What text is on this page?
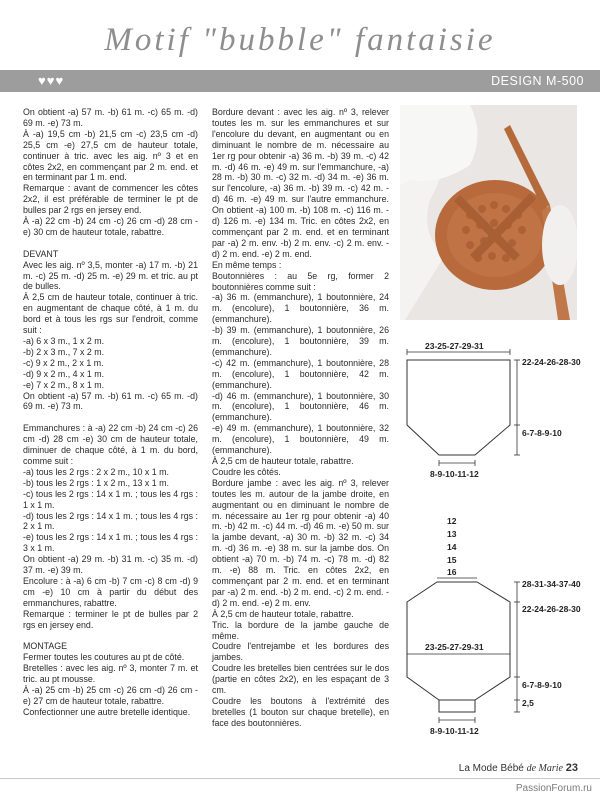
Motif "bubble" fantaisie
♥♥♥	DESIGN M-500

On obtient -a) 57 m. -b) 61 m. -c) 65 m. -d) 69 m. -e) 73 m.

À -a) 19,5 cm -b) 21,5 cm -c) 23,5 cm -d) 25,5 cm -e) 27,5 cm de hauteur totale, continuer à tric. avec les aig. nº 3 et en côtes 2x2, en commençant par 2 m. end. et en terminant par 1 m. end.

Remarque : avant de commencer les côtes 2x2, il est préférable de terminer le pt de bulles par 2 rgs en jersey end.

À -a) 22 cm -b) 24 cm -c) 26 cm -d) 28 cm -e) 30 cm de hauteur totale, rabattre.

DEVANT

Avec les aig. nº 3,5, monter -a) 17 m. -b) 21 m. -c) 25 m. -d) 25 m. -e) 29 m. et tric. au pt de bulles.

À 2,5 cm de hauteur totale, continuer à tric. en augmentant de chaque côté, à 1 m. du bord et à tous les rgs sur l'endroit, comme suit :

-a) 6 x 3 m., 1 x 2 m.

-b) 2 x 3 m., 7 x 2 m.

-c) 9 x 2 m., 2 x 1 m.

-d) 9 x 2 m., 4 x 1 m.

-e) 7 x 2 m., 8 x 1 m.

On obtient -a) 57 m. -b) 61 m. -c) 65 m. -d) 69 m. -e) 73 m.

Emmanchures : à -a) 22 cm -b) 24 cm -c) 26 cm -d) 28 cm -e) 30 cm de hauteur totale, diminuer de chaque côté, à 1 m. du bord, comme suit :

-a) tous les 2 rgs : 2 x 2 m., 10 x 1 m.

-b) tous les 2 rgs : 1 x 2 m., 13 x 1 m.

-c) tous les 2 rgs : 14 x 1 m. ; tous les 4 rgs : 1 x 1 m.

-d) tous les 2 rgs : 14 x 1 m. ; tous les 4 rgs : 2 x 1 m.

-e) tous les 2 rgs : 14 x 1 m. ; tous les 4 rgs : 3 x 1 m.

On obtient -a) 29 m. -b) 31 m. -c) 35 m. -d) 37 m. -e) 39 m.

Encolure : à -a) 6 cm -b) 7 cm -c) 8 cm -d) 9 cm -e) 10 cm à partir du début des emmanchures, rabattre.

Remarque : terminer le pt de bulles par 2 rgs en jersey end.

MONTAGE

Fermer toutes les coutures au pt de côté.

Bretelles : avec les aig. nº 3, monter 7 m. et tric. au pt mousse.

À -a) 25 cm -b) 25 cm -c) 26 cm -d) 26 cm -e) 27 cm de hauteur totale, rabattre.

Confectionner une autre bretelle identique.

Bordure devant : avec les aig. nº 3, relever toutes les m. sur les emmanchures et sur l'encolure du devant, en augmentant ou en diminuant le nombre de m. nécessaire au 1er rg pour obtenir -a) 36 m. -b) 39 m. -c) 42 m. -d) 46 m. -e) 49 m. sur l'emmanchure, -a) 28 m. -b) 30 m. -c) 32 m. -d) 34 m. -e) 36 m. sur l'encolure, -a) 36 m. -b) 39 m. -c) 42 m. -d) 46 m. -e) 49 m. sur l'autre emmanchure. On obtient -a) 100 m. -b) 108 m. -c) 116 m. -d) 126 m. -e) 134 m. Tric. en côtes 2x2, en commençant par 2 m. end. et en terminant par -a) 2 m. env. -b) 2 m. env. -c) 2 m. env. -d) 2 m. end. -e) 2 m. end.

En même temps :

Boutonnières : au 5e rg, former 2 boutonnières comme suit :

-a) 36 m. (emmanchure), 1 boutonnière, 24 m. (encolure), 1 boutonnière, 36 m. (emmanchure).

-b) 39 m. (emmanchure), 1 boutonnière, 26 m. (encolure), 1 boutonnière, 39 m. (emmanchure).

-c) 42 m. (emmanchure), 1 boutonnière, 28 m. (encolure), 1 boutonnière, 42 m. (emmanchure).

-d) 46 m. (emmanchure), 1 boutonnière, 30 m. (encolure), 1 boutonnière, 46 m. (emmanchure).

-e) 49 m. (emmanchure), 1 boutonnière, 32 m. (encolure), 1 boutonnière, 49 m. (emmanchure).

À 2,5 cm de hauteur totale, rabattre.

Coudre les côtés.

Bordure jambe : avec les aig. nº 3, relever toutes les m. autour de la jambe droite, en augmentant ou en diminuant le nombre de m. nécessaire au 1er rg pour obtenir -a) 40 m. -b) 42 m. -c) 44 m. -d) 46 m. -e) 50 m. sur la jambe devant, -a) 30 m. -b) 32 m. -c) 34 m. -d) 36 m. -e) 38 m. sur la jambe dos. On obtient -a) 70 m. -b) 74 m. -c) 78 m. -d) 82 m. -e) 88 m. Tric. en côtes 2x2, en commençant par 2 m. end. et en terminant par -a) 2 m. end. -b) 2 m. end. -c) 2 m. end. -d) 2 m. end. -e) 2 m. env.

À 2,5 cm de hauteur totale, rabattre.

Tric. la bordure de la jambe gauche de même.

Coudre l'entrejambe et les bordures des jambes.

Coudre les bretelles bien centrées sur le dos (partie en côtes 2x2), en les espaçant de 3 cm.

Coudre les boutons à l'extrémité des bretelles (1 bouton sur chaque bretelle), en face des boutonnières.

23-25-27-29-31
22-24-26-28-30
6-7-8-9-10
8-9-10-11-12
12
13
14
15
16
28-31-34-37-40
22-24-26-28-30
6-7-8-9-10
2,5
23-25-27-29-31
8-9-10-11-12
La Mode Bébé de Marie 23
PassionForum.ru
